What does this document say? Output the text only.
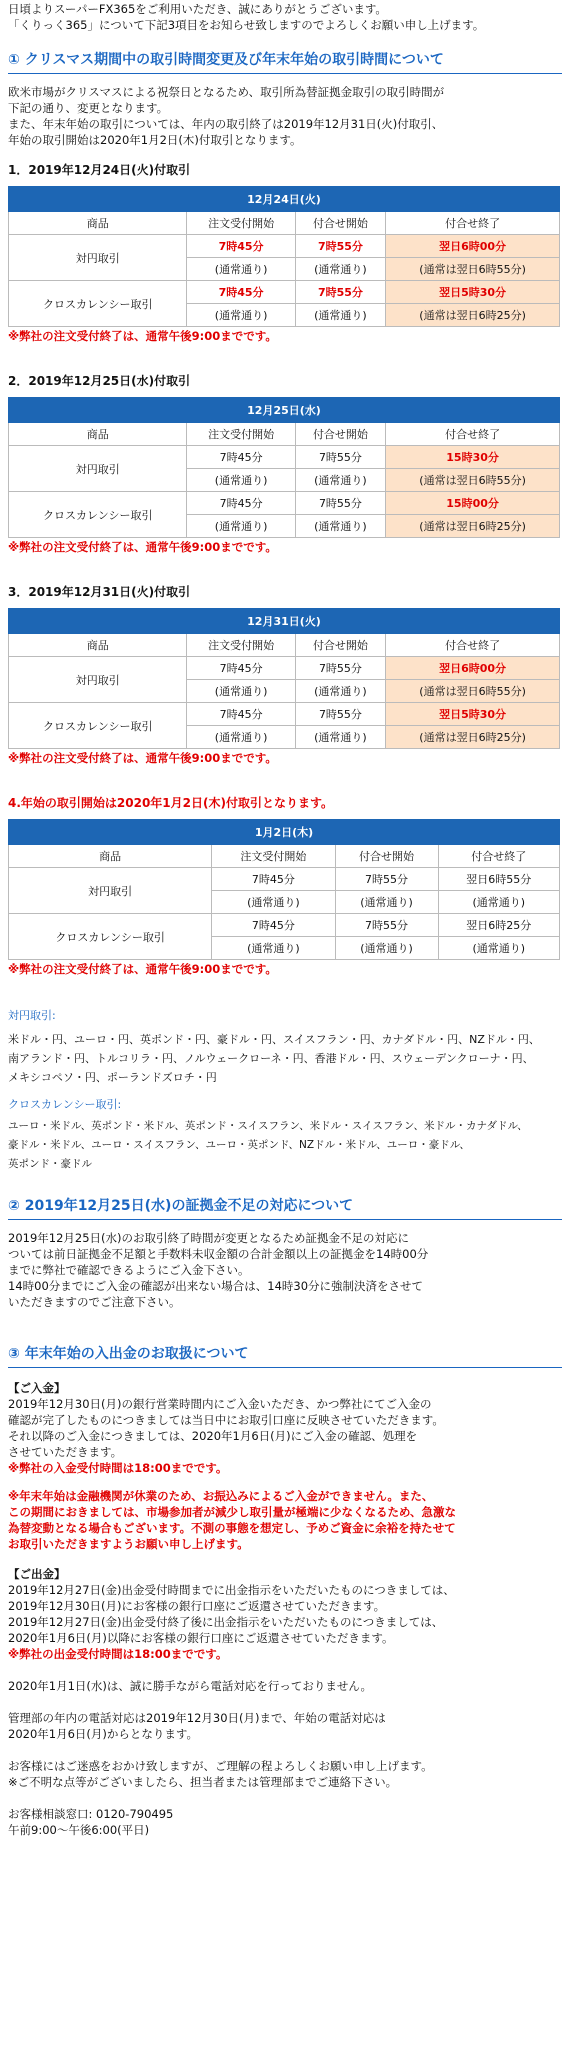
日頃よりスーパーFX365をご利用いただき、誠にありがとうございます。

「くりっく365」について下記3項目をお知らせ致しますのでよろしくお願い申し上げます。

① クリスマス期間中の取引時間変更及び年末年始の取引時間について

欧米市場がクリスマスによる祝祭日となるため、取引所為替証拠金取引の取引時間が

下記の通り、変更となります。

また、年末年始の取引については、年内の取引終了は2019年12月31日(火)付取引、

年始の取引開始は2020年1月2日(木)付取引となります。

1．2019年12月24日(火)付取引

12月24日(火)			
商品	注文受付開始	付合せ開始	付合せ終了
対円取引	7時45分	7時55分	翌日6時00分
	(通常通り)	(通常通り)	(通常は翌日6時55分)
クロスカレンシー取引	7時45分	7時55分	翌日5時30分
	(通常通り)	(通常通り)	(通常は翌日6時25分)

※弊社の注文受付終了は、通常午後9:00までです。

2．2019年12月25日(水)付取引

12月25日(水)			
商品	注文受付開始	付合せ開始	付合せ終了
対円取引	7時45分	7時55分	15時30分
	(通常通り)	(通常通り)	(通常は翌日6時55分)
クロスカレンシー取引	7時45分	7時55分	15時00分
	(通常通り)	(通常通り)	(通常は翌日6時25分)

※弊社の注文受付終了は、通常午後9:00までです。

3．2019年12月31日(火)付取引

12月31日(火)			
商品	注文受付開始	付合せ開始	付合せ終了
対円取引	7時45分	7時55分	翌日6時00分
	(通常通り)	(通常通り)	(通常は翌日6時55分)
クロスカレンシー取引	7時45分	7時55分	翌日5時30分
	(通常通り)	(通常通り)	(通常は翌日6時25分)

※弊社の注文受付終了は、通常午後9:00までです。

4.年始の取引開始は2020年1月2日(木)付取引となります。

1月2日(木)			
商品	注文受付開始	付合せ開始	付合せ終了
対円取引	7時45分	7時55分	翌日6時55分
	(通常通り)	(通常通り)	(通常通り)
クロスカレンシー取引	7時45分	7時55分	翌日6時25分
	(通常通り)	(通常通り)	(通常通り)

※弊社の注文受付終了は、通常午後9:00までです。

対円取引:

米ドル・円、ユーロ・円、英ポンド・円、豪ドル・円、スイスフラン・円、カナダドル・円、NZドル・円、

南アランド・円、トルコリラ・円、ノルウェークローネ・円、香港ドル・円、スウェーデンクローナ・円、

メキシコペソ・円、ポーランドズロチ・円

クロスカレンシー取引:

ユーロ・米ドル、英ポンド・米ドル、英ポンド・スイスフラン、米ドル・スイスフラン、米ドル・カナダドル、

豪ドル・米ドル、ユーロ・スイスフラン、ユーロ・英ポンド、NZドル・米ドル、ユーロ・豪ドル、

英ポンド・豪ドル

② 2019年12月25日(水)の証拠金不足の対応について

2019年12月25日(水)のお取引終了時間が変更となるため証拠金不足の対応に

ついては前日証拠金不足額と手数料未収金額の合計金額以上の証拠金を14時00分

までに弊社で確認できるようにご入金下さい。

14時00分までにご入金の確認が出来ない場合は、14時30分に強制決済をさせて

いただきますのでご注意下さい。

③ 年末年始の入出金のお取扱について

【ご入金】

2019年12月30日(月)の銀行営業時間内にご入金いただき、かつ弊社にてご入金の

確認が完了したものにつきましては当日中にお取引口座に反映させていただきます。

それ以降のご入金につきましては、2020年1月6日(月)にご入金の確認、処理を

させていただきます。

※弊社の入金受付時間は18:00までです。

※年末年始は金融機関が休業のため、お振込みによるご入金ができません。また、

この期間におきましては、市場参加者が減少し取引量が極端に少なくなるため、急激な

為替変動となる場合もございます。不測の事態を想定し、予めご資金に余裕を持たせて

お取引いただきますようお願い申し上げます。

【ご出金】

2019年12月27日(金)出金受付時間までに出金指示をいただいたものにつきましては、

2019年12月30日(月)にお客様の銀行口座にご返還させていただきます。

2019年12月27日(金)出金受付終了後に出金指示をいただいたものにつきましては、

2020年1月6日(月)以降にお客様の銀行口座にご返還させていただきます。

※弊社の出金受付時間は18:00までです。

2020年1月1日(水)は、誠に勝手ながら電話対応を行っておりません。

管理部の年内の電話対応は2019年12月30日(月)まで、年始の電話対応は

2020年1月6日(月)からとなります。

お客様にはご迷惑をおかけ致しますが、ご理解の程よろしくお願い申し上げます。

※ご不明な点等がございましたら、担当者または管理部までご連絡下さい。

お客様相談窓口: 0120-790495

午前9:00～午後6:00(平日)
